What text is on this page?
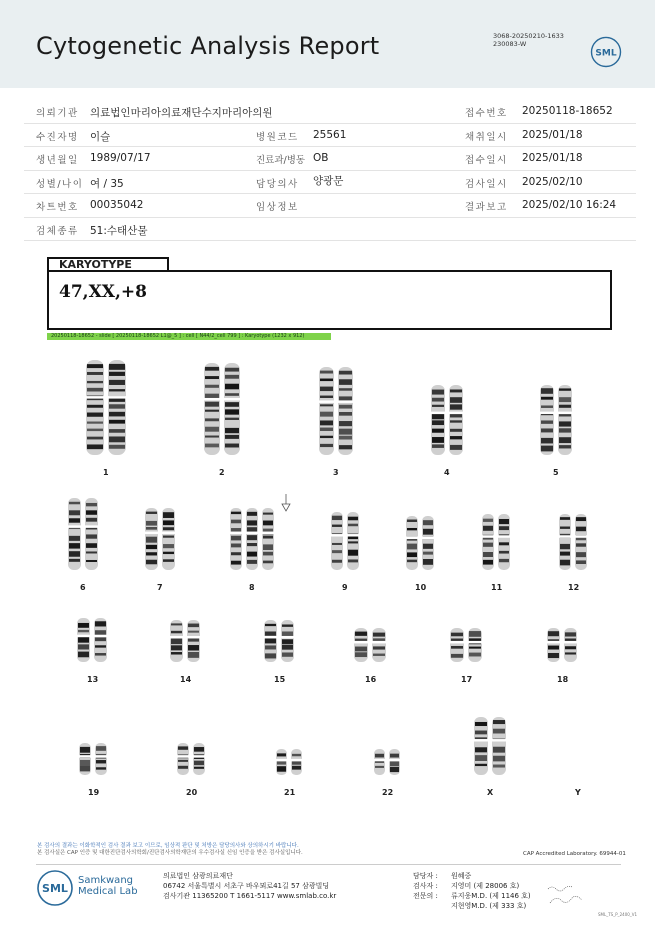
Cytogenetic Analysis Report	3068-20250210-1633
230083-W
SML
의뢰기관 의료법인마리아의료재단수지마리아의원	접수번호 20250118-18652
수진자명 이슬	병원코드 25561	채취일시 2025/01/18
생년월일 1989/07/17	진료과/병동 OB	접수일시 2025/01/18
성별/나이 여 / 35	담당의사 양광문	검사일시 2025/02/10
차트번호 00035042	임상정보	결과보고 2025/02/10 16:24
검체종류 51:수태산물
KARYOTYPE
47,XX,+8
20250118-18652 - slide [ 20250118-18652 L1@_5 ] : cell [ N44/2_cell 799 ] : Karyotype (1232 x 912)
1	2	3	4	5
6	7	8	9	10	11	12
13	14	15	16	17	18
19	20	21	22	X	Y
본 검사의 결과는 이화학적인 검사 결과 보고 이므로, 임상적 판단 및 처방은 담당의사와 상의하시기 바랍니다.
본 검사실은 CAP 인증 및 대한진단검사의학회/진단검사의학재단의 우수검사실 신임 인증을 받은 검사실입니다.	CAP Accredited Laboratory. 69944-01
SML
Samkwang
Medical Lab
의료법인 삼광의료재단
06742 서울특별시 서초구 바우뫼로41길 57 삼광빌딩
검사기관 11365200 T 1661-5117 www.smlab.co.kr
담당자 : 원혜중
검사자 : 지영미 (제 28006 호)
전문의 : 류지웅M.D. (제 1146 호)
지현영M.D. (제 333 호)
SML_TS_P_2400_V1
